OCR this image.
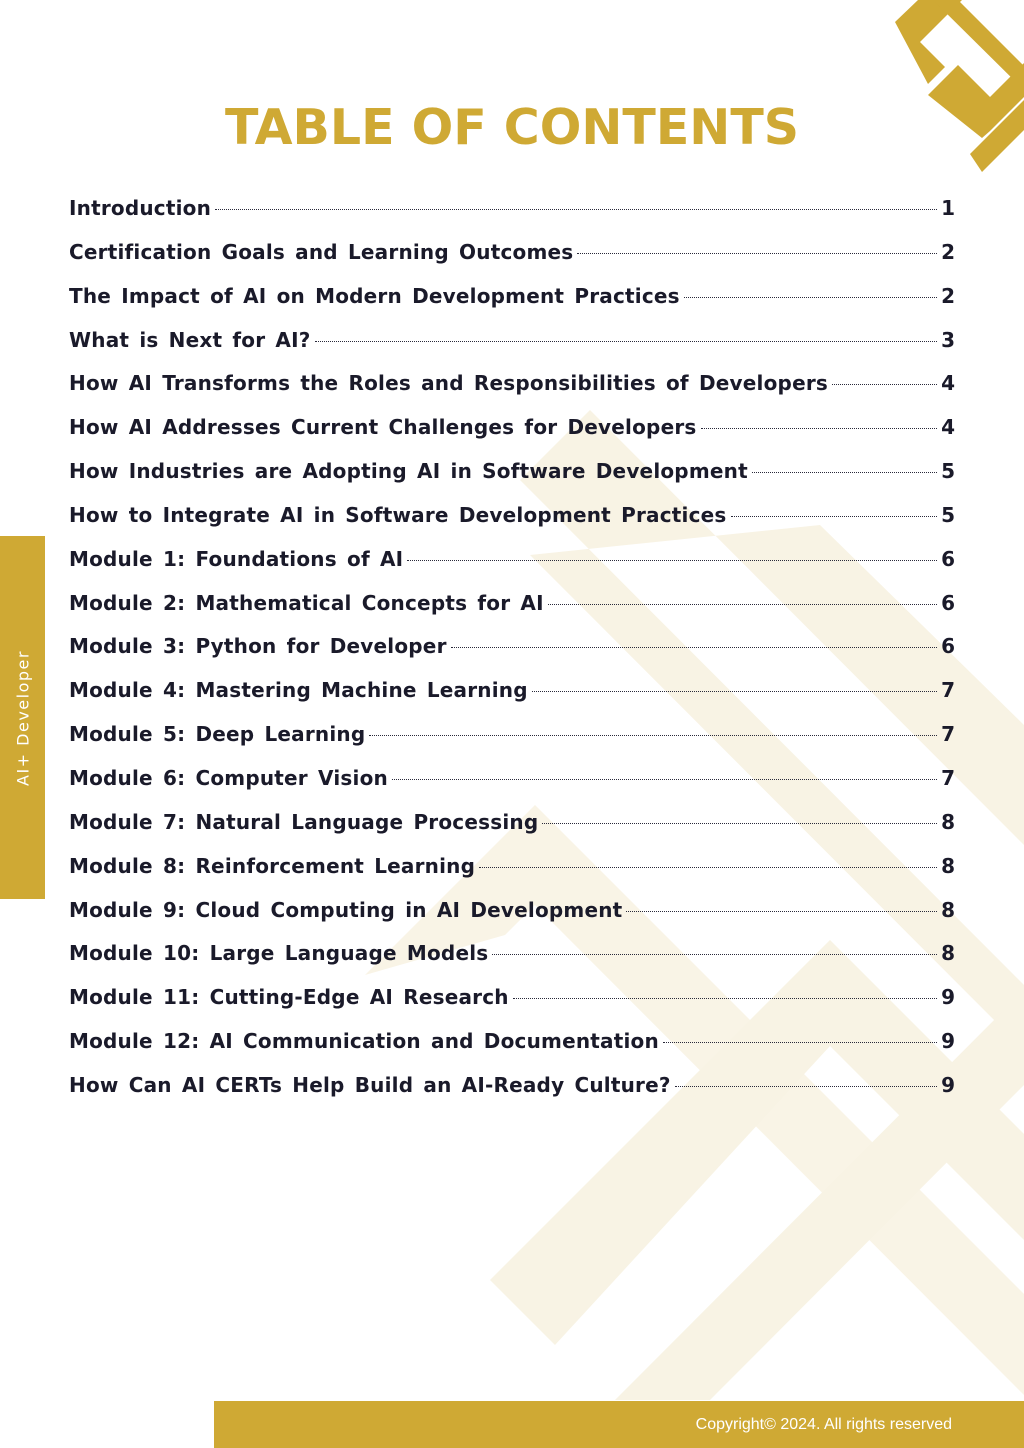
AI+ Developer
TABLE OF CONTENTS
Introduction	1
Certification Goals and Learning Outcomes	2
The Impact of AI on Modern Development Practices	2
What is Next for AI?	3
How AI Transforms the Roles and Responsibilities of Developers	4
How AI Addresses Current Challenges for Developers	4
How Industries are Adopting AI in Software Development	5
How to Integrate AI in Software Development Practices	5
Module 1: Foundations of AI	6
Module 2: Mathematical Concepts for AI	6
Module 3: Python for Developer	6
Module 4: Mastering Machine Learning	7
Module 5: Deep Learning	7
Module 6: Computer Vision	7
Module 7: Natural Language Processing	8
Module 8: Reinforcement Learning	8
Module 9: Cloud Computing in AI Development	8
Module 10: Large Language Models	8
Module 11: Cutting-Edge AI Research	9
Module 12: AI Communication and Documentation	9
How Can AI CERTs Help Build an AI-Ready Culture?	9
Copyright© 2024. All rights reserved
